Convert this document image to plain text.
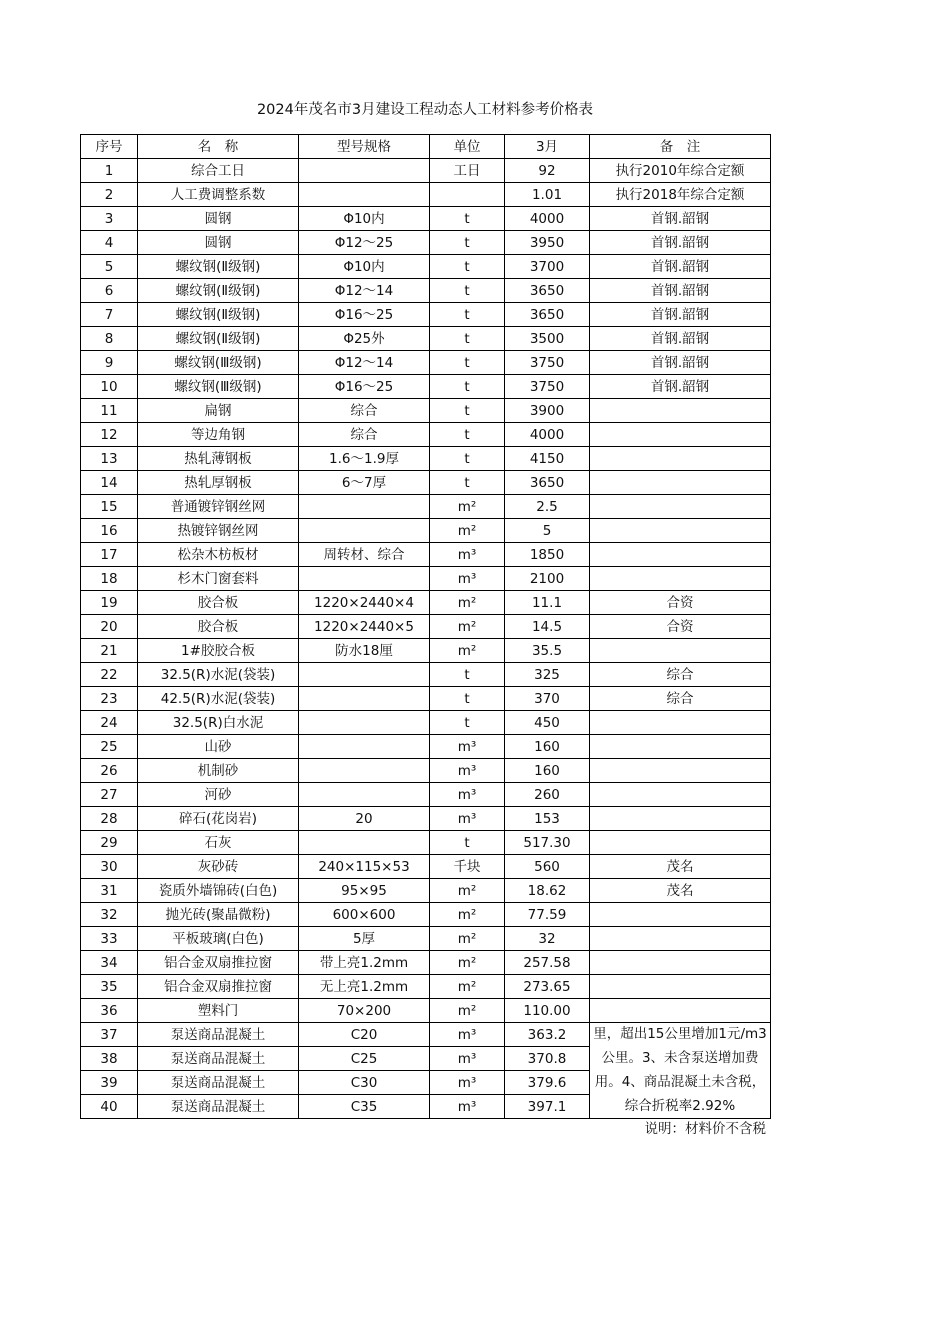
2024年茂名市3月建设工程动态人工材料参考价格表
序号	名　称	型号规格	单位	3月	备　注
1	综合工日		工日	92	执行2010年综合定额
2	人工费调整系数			1.01	执行2018年综合定额
3	圆钢	Φ10内	t	4000	首钢.韶钢
4	圆钢	Φ12～25	t	3950	首钢.韶钢
5	螺纹钢(Ⅱ级钢)	Φ10内	t	3700	首钢.韶钢
6	螺纹钢(Ⅱ级钢)	Φ12～14	t	3650	首钢.韶钢
7	螺纹钢(Ⅱ级钢)	Φ16～25	t	3650	首钢.韶钢
8	螺纹钢(Ⅱ级钢)	Φ25外	t	3500	首钢.韶钢
9	螺纹钢(Ⅲ级钢)	Φ12～14	t	3750	首钢.韶钢
10	螺纹钢(Ⅲ级钢)	Φ16～25	t	3750	首钢.韶钢
11	扁钢	综合	t	3900	
12	等边角钢	综合	t	4000	
13	热轧薄钢板	1.6～1.9厚	t	4150	
14	热轧厚钢板	6～7厚	t	3650	
15	普通镀锌钢丝网		m²	2.5	
16	热镀锌钢丝网		m²	5	
17	松杂木枋板材	周转材、综合	m³	1850	
18	杉木门窗套料		m³	2100	
19	胶合板	1220×2440×4	m²	11.1	合资
20	胶合板	1220×2440×5	m²	14.5	合资
21	1#胶胶合板	防水18厘	m²	35.5	
22	32.5(R)水泥(袋装)		t	325	综合
23	42.5(R)水泥(袋装)		t	370	综合
24	32.5(R)白水泥		t	450	
25	山砂		m³	160	
26	机制砂		m³	160	
27	河砂		m³	260	
28	碎石(花岗岩)	20	m³	153	
29	石灰		t	517.30	
30	灰砂砖	240×115×53	千块	560	茂名
31	瓷质外墙锦砖(白色)	95×95	m²	18.62	茂名
32	抛光砖(聚晶微粉)	600×600	m²	77.59	
33	平板玻璃(白色)	5厚	m²	32	
34	铝合金双扇推拉窗	带上亮1.2mm	m²	257.58	
35	铝合金双扇推拉窗	无上亮1.2mm	m²	273.65	
36	塑料门	70×200	m²	110.00	
37	泵送商品混凝土	C20	m³	363.2	里，超出15公里增加1元/m3公里。3、未含泵送增加费用。4、商品混凝土未含税，综合折税率2.92%

38	泵送商品混凝土	C25	m³	370.8	
39	泵送商品混凝土	C30	m³	379.6	
40	泵送商品混凝土	C35	m³	397.1	
说明：材料价不含税
